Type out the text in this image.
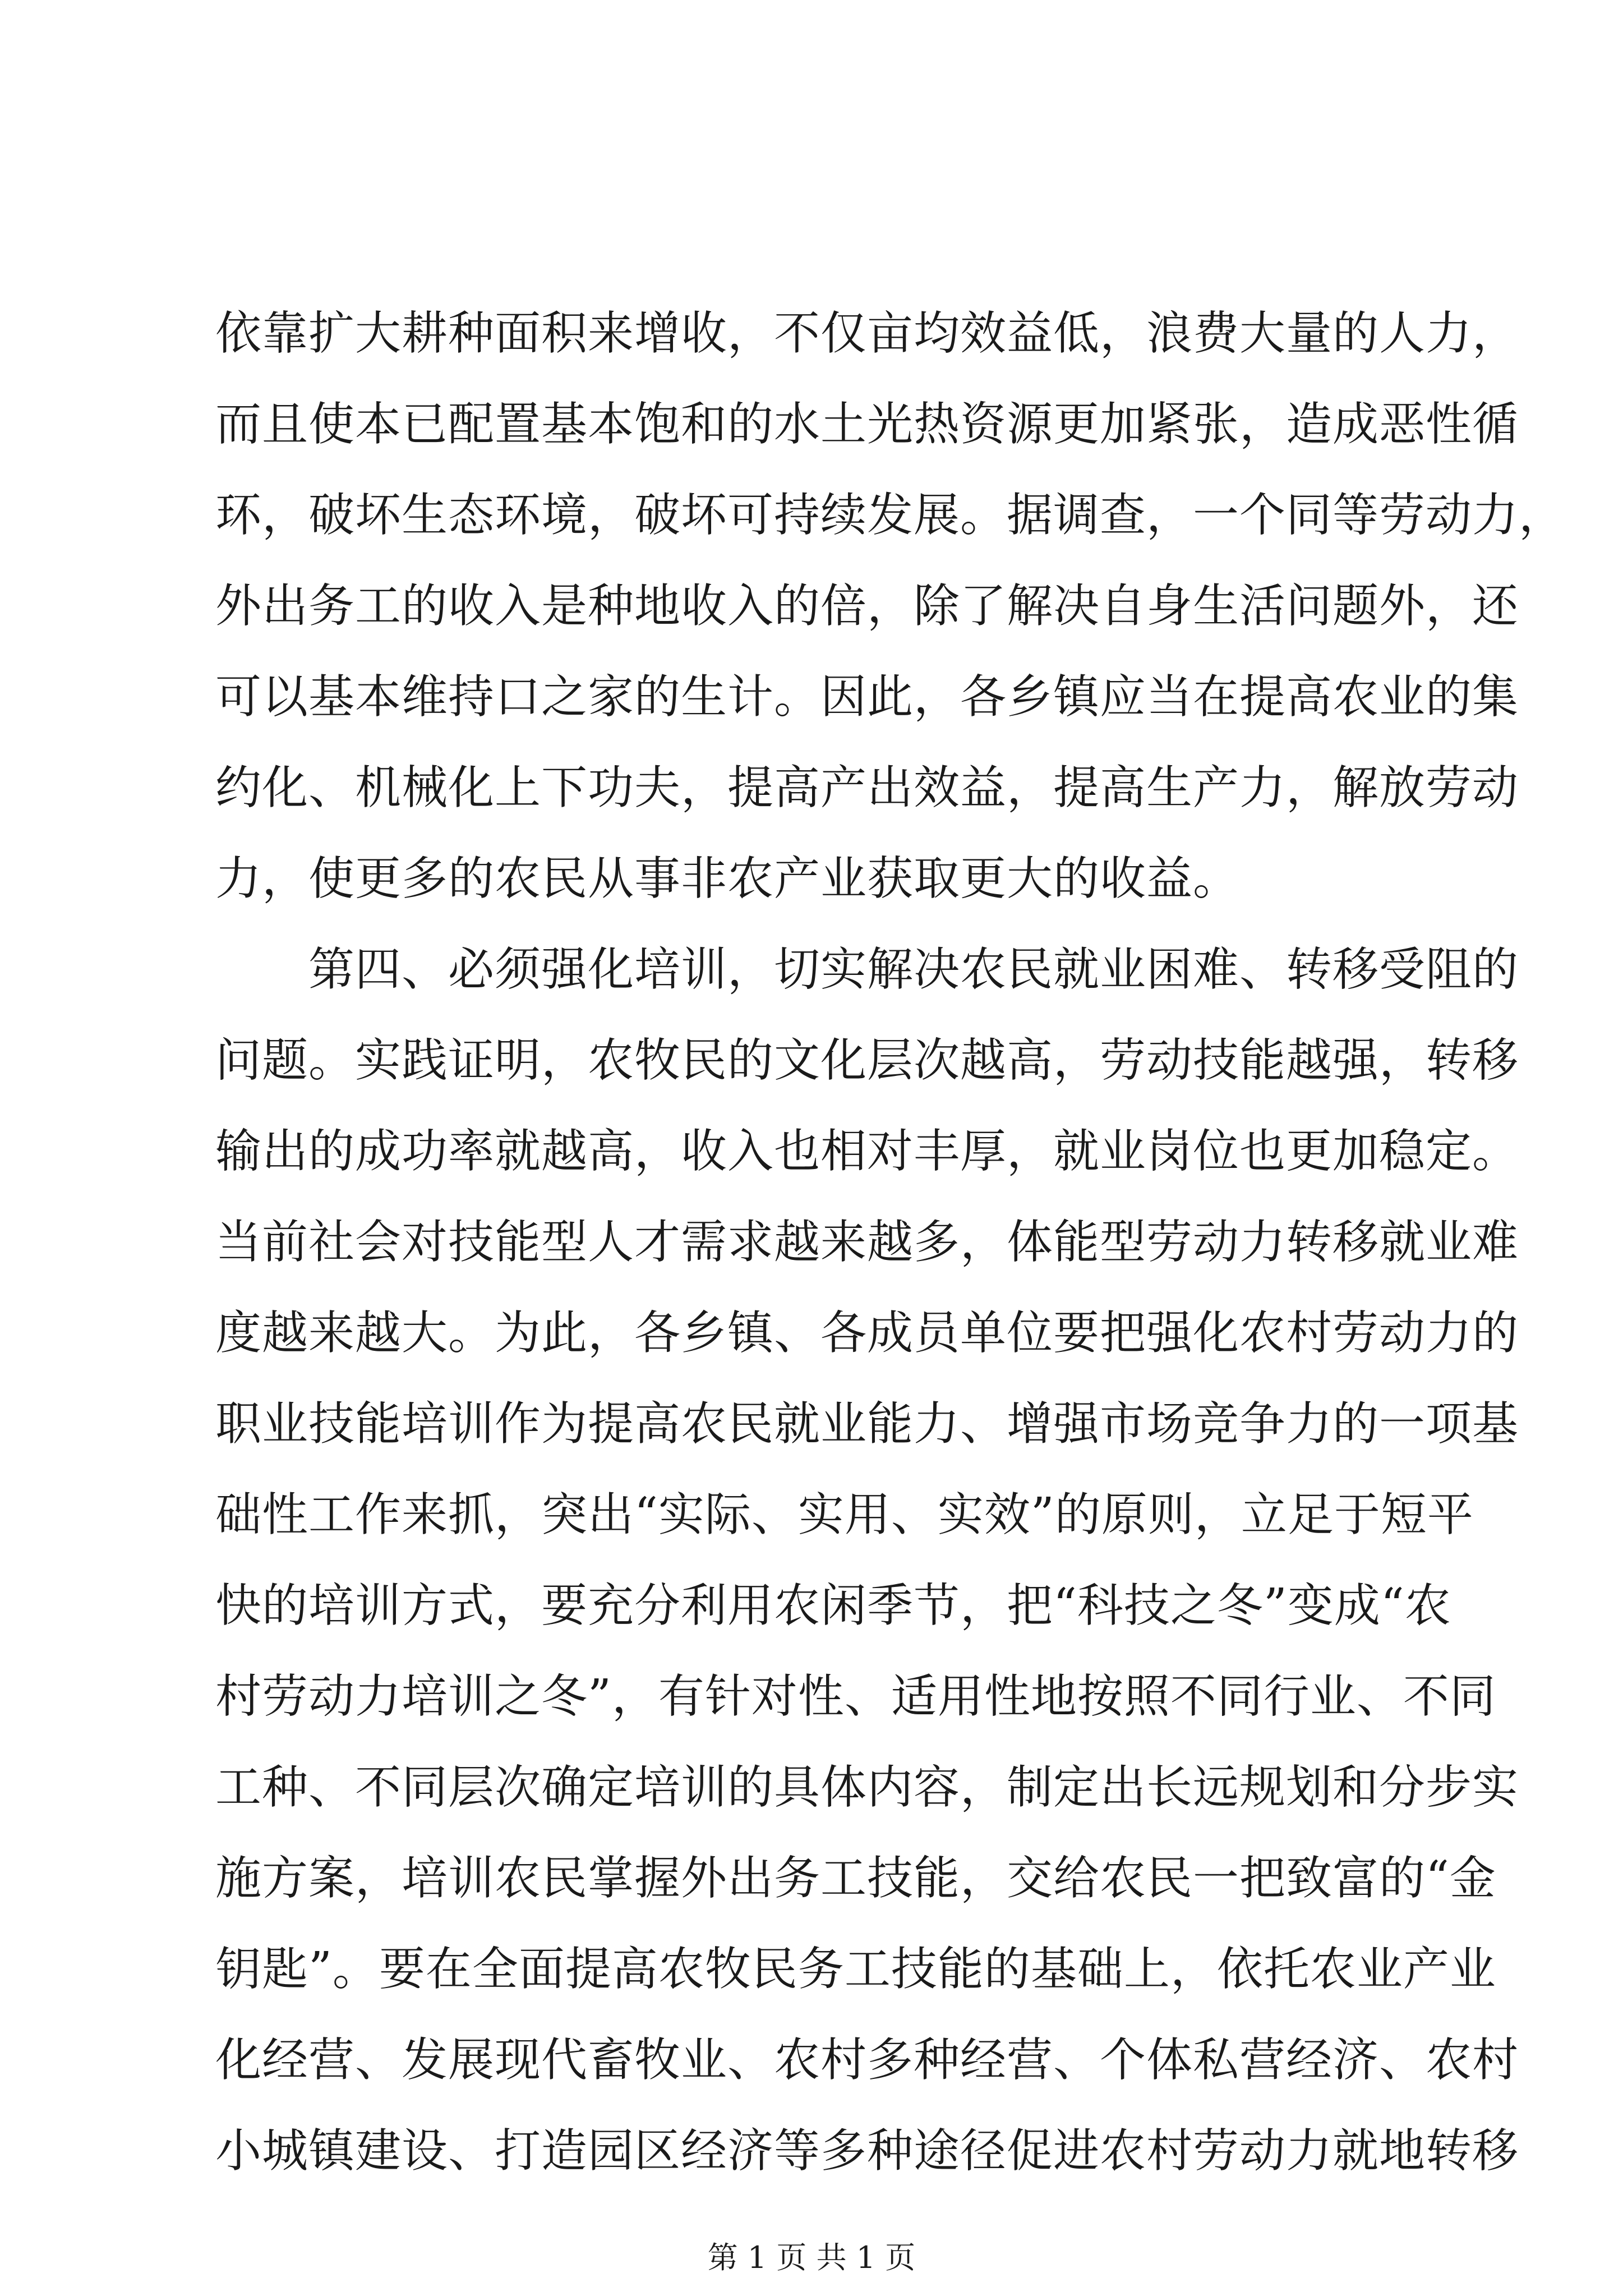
依靠扩大耕种面积来增收，不仅亩均效益低，浪费大量的人力，
而且使本已配置基本饱和的水土光热资源更加紧张，造成恶性循
环，破坏生态环境，破坏可持续发展。据调查，一个同等劳动力，
外出务工的收入是种地收入的倍，除了解决自身生活问题外，还
可以基本维持口之家的生计。因此，各乡镇应当在提高农业的集
约化、机械化上下功夫，提高产出效益，提高生产力，解放劳动
力，使更多的农民从事非农产业获取更大的收益。
　　第四、必须强化培训，切实解决农民就业困难、转移受阻的
问题。实践证明，农牧民的文化层次越高，劳动技能越强，转移
输出的成功率就越高，收入也相对丰厚，就业岗位也更加稳定。
当前社会对技能型人才需求越来越多，体能型劳动力转移就业难
度越来越大。为此，各乡镇、各成员单位要把强化农村劳动力的
职业技能培训作为提高农民就业能力、增强市场竞争力的一项基
础性工作来抓，突出“实际、实用、实效”的原则，立足于短平
快的培训方式，要充分利用农闲季节，把“科技之冬”变成“农
村劳动力培训之冬”，有针对性、适用性地按照不同行业、不同
工种、不同层次确定培训的具体内容，制定出长远规划和分步实
施方案，培训农民掌握外出务工技能，交给农民一把致富的“金
钥匙”。要在全面提高农牧民务工技能的基础上，依托农业产业
化经营、发展现代畜牧业、农村多种经营、个体私营经济、农村
小城镇建设、打造园区经济等多种途径促进农村劳动力就地转移
第 1 页 共 1 页
